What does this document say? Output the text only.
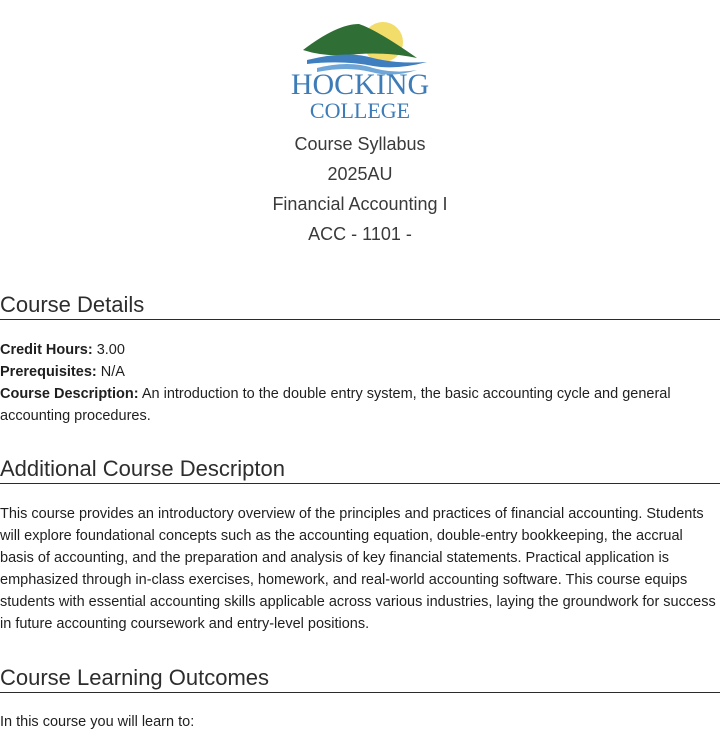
HOCKING
COLLEGE
Course Syllabus
2025AU
Financial Accounting I
ACC - 1101 -
Course Details
Credit Hours: 3.00
Prerequisites: N/A
Course Description: An introduction to the double entry system, the basic accounting cycle and general accounting procedures.
Additional Course Descripton
This course provides an introductory overview of the principles and practices of financial accounting. Students will explore foundational concepts such as the accounting equation, double-entry bookkeeping, the accrual basis of accounting, and the preparation and analysis of key financial statements. Practical application is emphasized through in-class exercises, homework, and real-world accounting software. This course equips students with essential accounting skills applicable across various industries, laying the groundwork for success in future accounting coursework and entry-level positions.
Course Learning Outcomes
In this course you will learn to:
